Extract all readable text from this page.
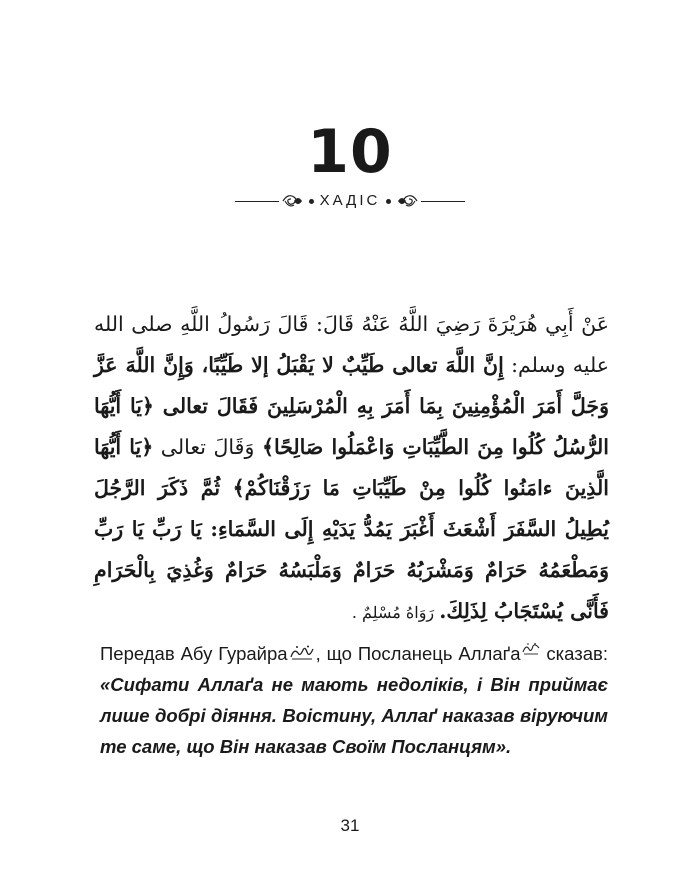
10
ХАДІС
عَنْ أَبِي هُرَيْرَةَ رَضِيَ اللَّهُ عَنْهُ قَالَ: قَالَ رَسُولُ اللَّهِ صلى الله عليه وسلم: إِنَّ اللَّهَ تعالى طَيِّبٌ لا يَقْبَلُ إلا طَيِّبًا، وَإِنَّ اللَّهَ عَزَّ وَجَلَّ أَمَرَ الْمُؤْمِنِينَ بِمَا أَمَرَ بِهِ الْمُرْسَلِينَ فَقَالَ تعالى ﴿يَا أَيُّهَا الرُّسُلُ كُلُوا مِنَ الطَّيِّبَاتِ وَاعْمَلُوا صَالِحًا﴾ وَقَالَ تعالى ﴿يَا أَيُّهَا الَّذِينَ ءامَنُوا كُلُوا مِنْ طَيِّبَاتِ مَا رَزَقْنَاكُمْ﴾ ثُمَّ ذَكَرَ الرَّجُلَ يُطِيلُ السَّفَرَ أَشْعَثَ أَغْبَرَ يَمُدُّ يَدَيْهِ إِلَى السَّمَاءِ: يَا رَبِّ يَا رَبِّ وَمَطْعَمُهُ حَرَامٌ وَمَشْرَبُهُ حَرَامٌ وَمَلْبَسُهُ حَرَامٌ وَغُذِيَ بِالْحَرَامِ فَأَنَّى يُسْتَجَابُ لِذَلِكَ. رَوَاهُ مُسْلِمٌ .
Передав Абу Гурайра , що Посланець Аллаґа сказав: «Сифати Аллаґа не мають недоліків, і Він приймає лише добрі діяння. Воістину, Аллаґ наказав віруючим те саме, що Він наказав Своїм Посланцям».
31
